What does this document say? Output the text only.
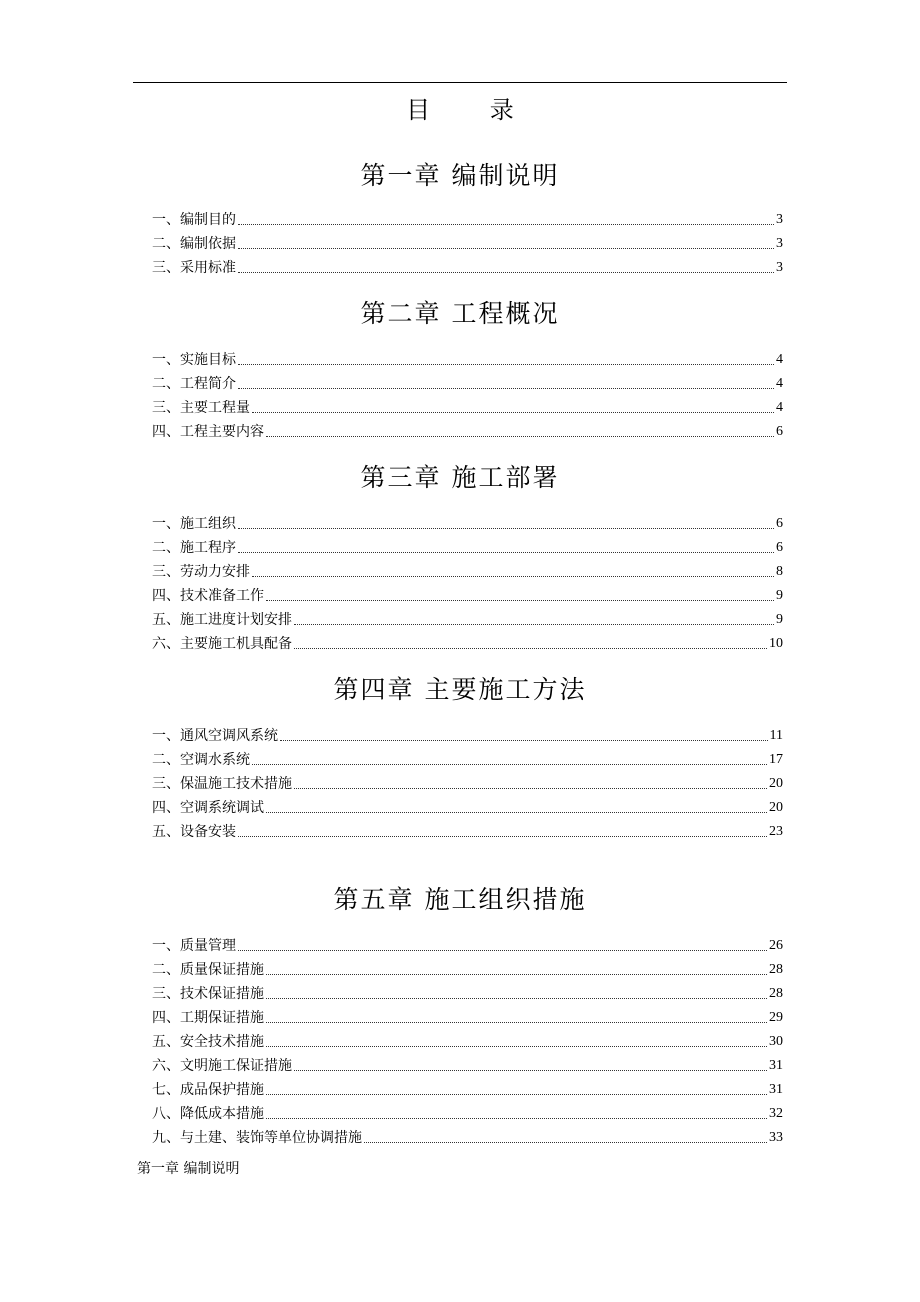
目 录
第一章 编制说明
一、编制目的	3
二、编制依据	3
三、采用标准	3
第二章 工程概况
一、实施目标	4
二、工程简介	4
三、主要工程量	4
四、工程主要内容	6
第三章 施工部署
一、施工组织	6
二、施工程序	6
三、劳动力安排	8
四、技术准备工作	9
五、施工进度计划安排	9
六、主要施工机具配备	10
第四章 主要施工方法
一、通风空调风系统	11
二、空调水系统	17
三、保温施工技术措施	20
四、空调系统调试	20
五、设备安装	23
第五章 施工组织措施
一、质量管理	26
二、质量保证措施	28
三、技术保证措施	28
四、工期保证措施	29
五、安全技术措施	30
六、文明施工保证措施	31
七、成品保护措施	31
八、降低成本措施	32
九、与土建、装饰等单位协调措施	33
第一章 编制说明
